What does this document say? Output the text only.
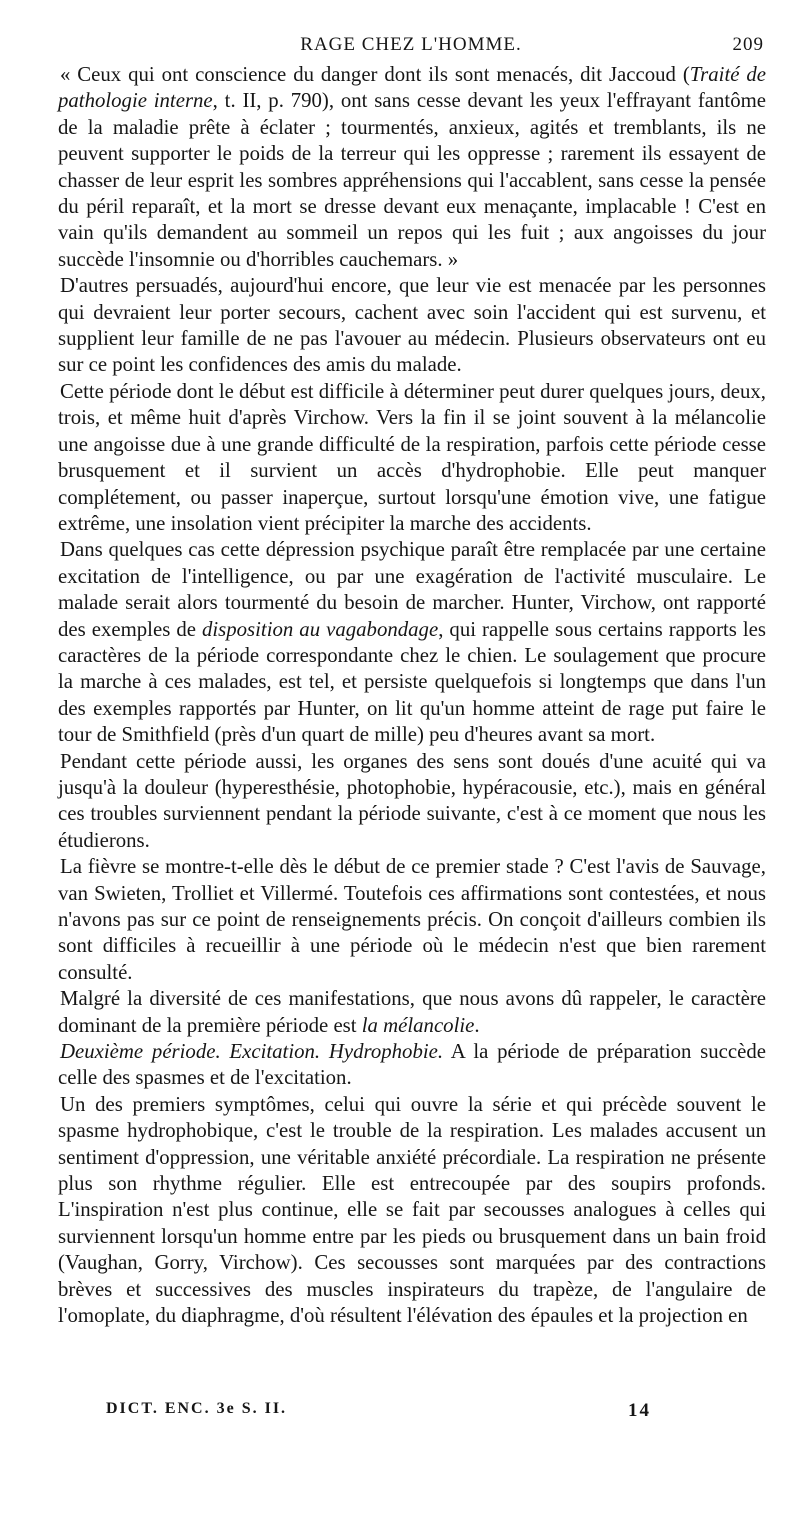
RAGE CHEZ L'HOMME.	209

« Ceux qui ont conscience du danger dont ils sont menacés, dit Jaccoud (Traité de pathologie interne, t. II, p. 790), ont sans cesse devant les yeux l'effrayant fantôme de la maladie prête à éclater ; tourmentés, anxieux, agités et tremblants, ils ne peuvent supporter le poids de la terreur qui les oppresse ; rarement ils essayent de chasser de leur esprit les sombres appréhensions qui l'accablent, sans cesse la pensée du péril reparaît, et la mort se dresse devant eux menaçante, implacable ! C'est en vain qu'ils demandent au sommeil un repos qui les fuit ; aux angoisses du jour succède l'insomnie ou d'horribles cauchemars. »

D'autres persuadés, aujourd'hui encore, que leur vie est menacée par les personnes qui devraient leur porter secours, cachent avec soin l'accident qui est survenu, et supplient leur famille de ne pas l'avouer au médecin. Plusieurs observateurs ont eu sur ce point les confidences des amis du malade.

Cette période dont le début est difficile à déterminer peut durer quelques jours, deux, trois, et même huit d'après Virchow. Vers la fin il se joint souvent à la mélancolie une angoisse due à une grande difficulté de la respiration, parfois cette période cesse brusquement et il survient un accès d'hydrophobie. Elle peut manquer complétement, ou passer inaperçue, surtout lorsqu'une émotion vive, une fatigue extrême, une insolation vient précipiter la marche des accidents.

Dans quelques cas cette dépression psychique paraît être remplacée par une certaine excitation de l'intelligence, ou par une exagération de l'activité musculaire. Le malade serait alors tourmenté du besoin de marcher. Hunter, Virchow, ont rapporté des exemples de disposition au vagabondage, qui rappelle sous certains rapports les caractères de la période correspondante chez le chien. Le soulagement que procure la marche à ces malades, est tel, et persiste quelquefois si longtemps que dans l'un des exemples rapportés par Hunter, on lit qu'un homme atteint de rage put faire le tour de Smithfield (près d'un quart de mille) peu d'heures avant sa mort.

Pendant cette période aussi, les organes des sens sont doués d'une acuité qui va jusqu'à la douleur (hyperesthésie, photophobie, hypéracousie, etc.), mais en général ces troubles surviennent pendant la période suivante, c'est à ce moment que nous les étudierons.

La fièvre se montre-t-elle dès le début de ce premier stade ? C'est l'avis de Sauvage, van Swieten, Trolliet et Villermé. Toutefois ces affirmations sont contestées, et nous n'avons pas sur ce point de renseignements précis. On conçoit d'ailleurs combien ils sont difficiles à recueillir à une période où le médecin n'est que bien rarement consulté.

Malgré la diversité de ces manifestations, que nous avons dû rappeler, le caractère dominant de la première période est la mélancolie.

Deuxième période. Excitation. Hydrophobie. A la période de préparation succède celle des spasmes et de l'excitation.

Un des premiers symptômes, celui qui ouvre la série et qui précède souvent le spasme hydrophobique, c'est le trouble de la respiration. Les malades accusent un sentiment d'oppression, une véritable anxiété précordiale. La respiration ne présente plus son rhythme régulier. Elle est entrecoupée par des soupirs profonds. L'inspiration n'est plus continue, elle se fait par secousses analogues à celles qui surviennent lorsqu'un homme entre par les pieds ou brusquement dans un bain froid (Vaughan, Gorry, Virchow). Ces secousses sont marquées par des contractions brèves et successives des muscles inspirateurs du trapèze, de l'angulaire de l'omoplate, du diaphragme, d'où résultent l'élévation des épaules et la projection en

DICT. ENC. 3e S. II.	14
